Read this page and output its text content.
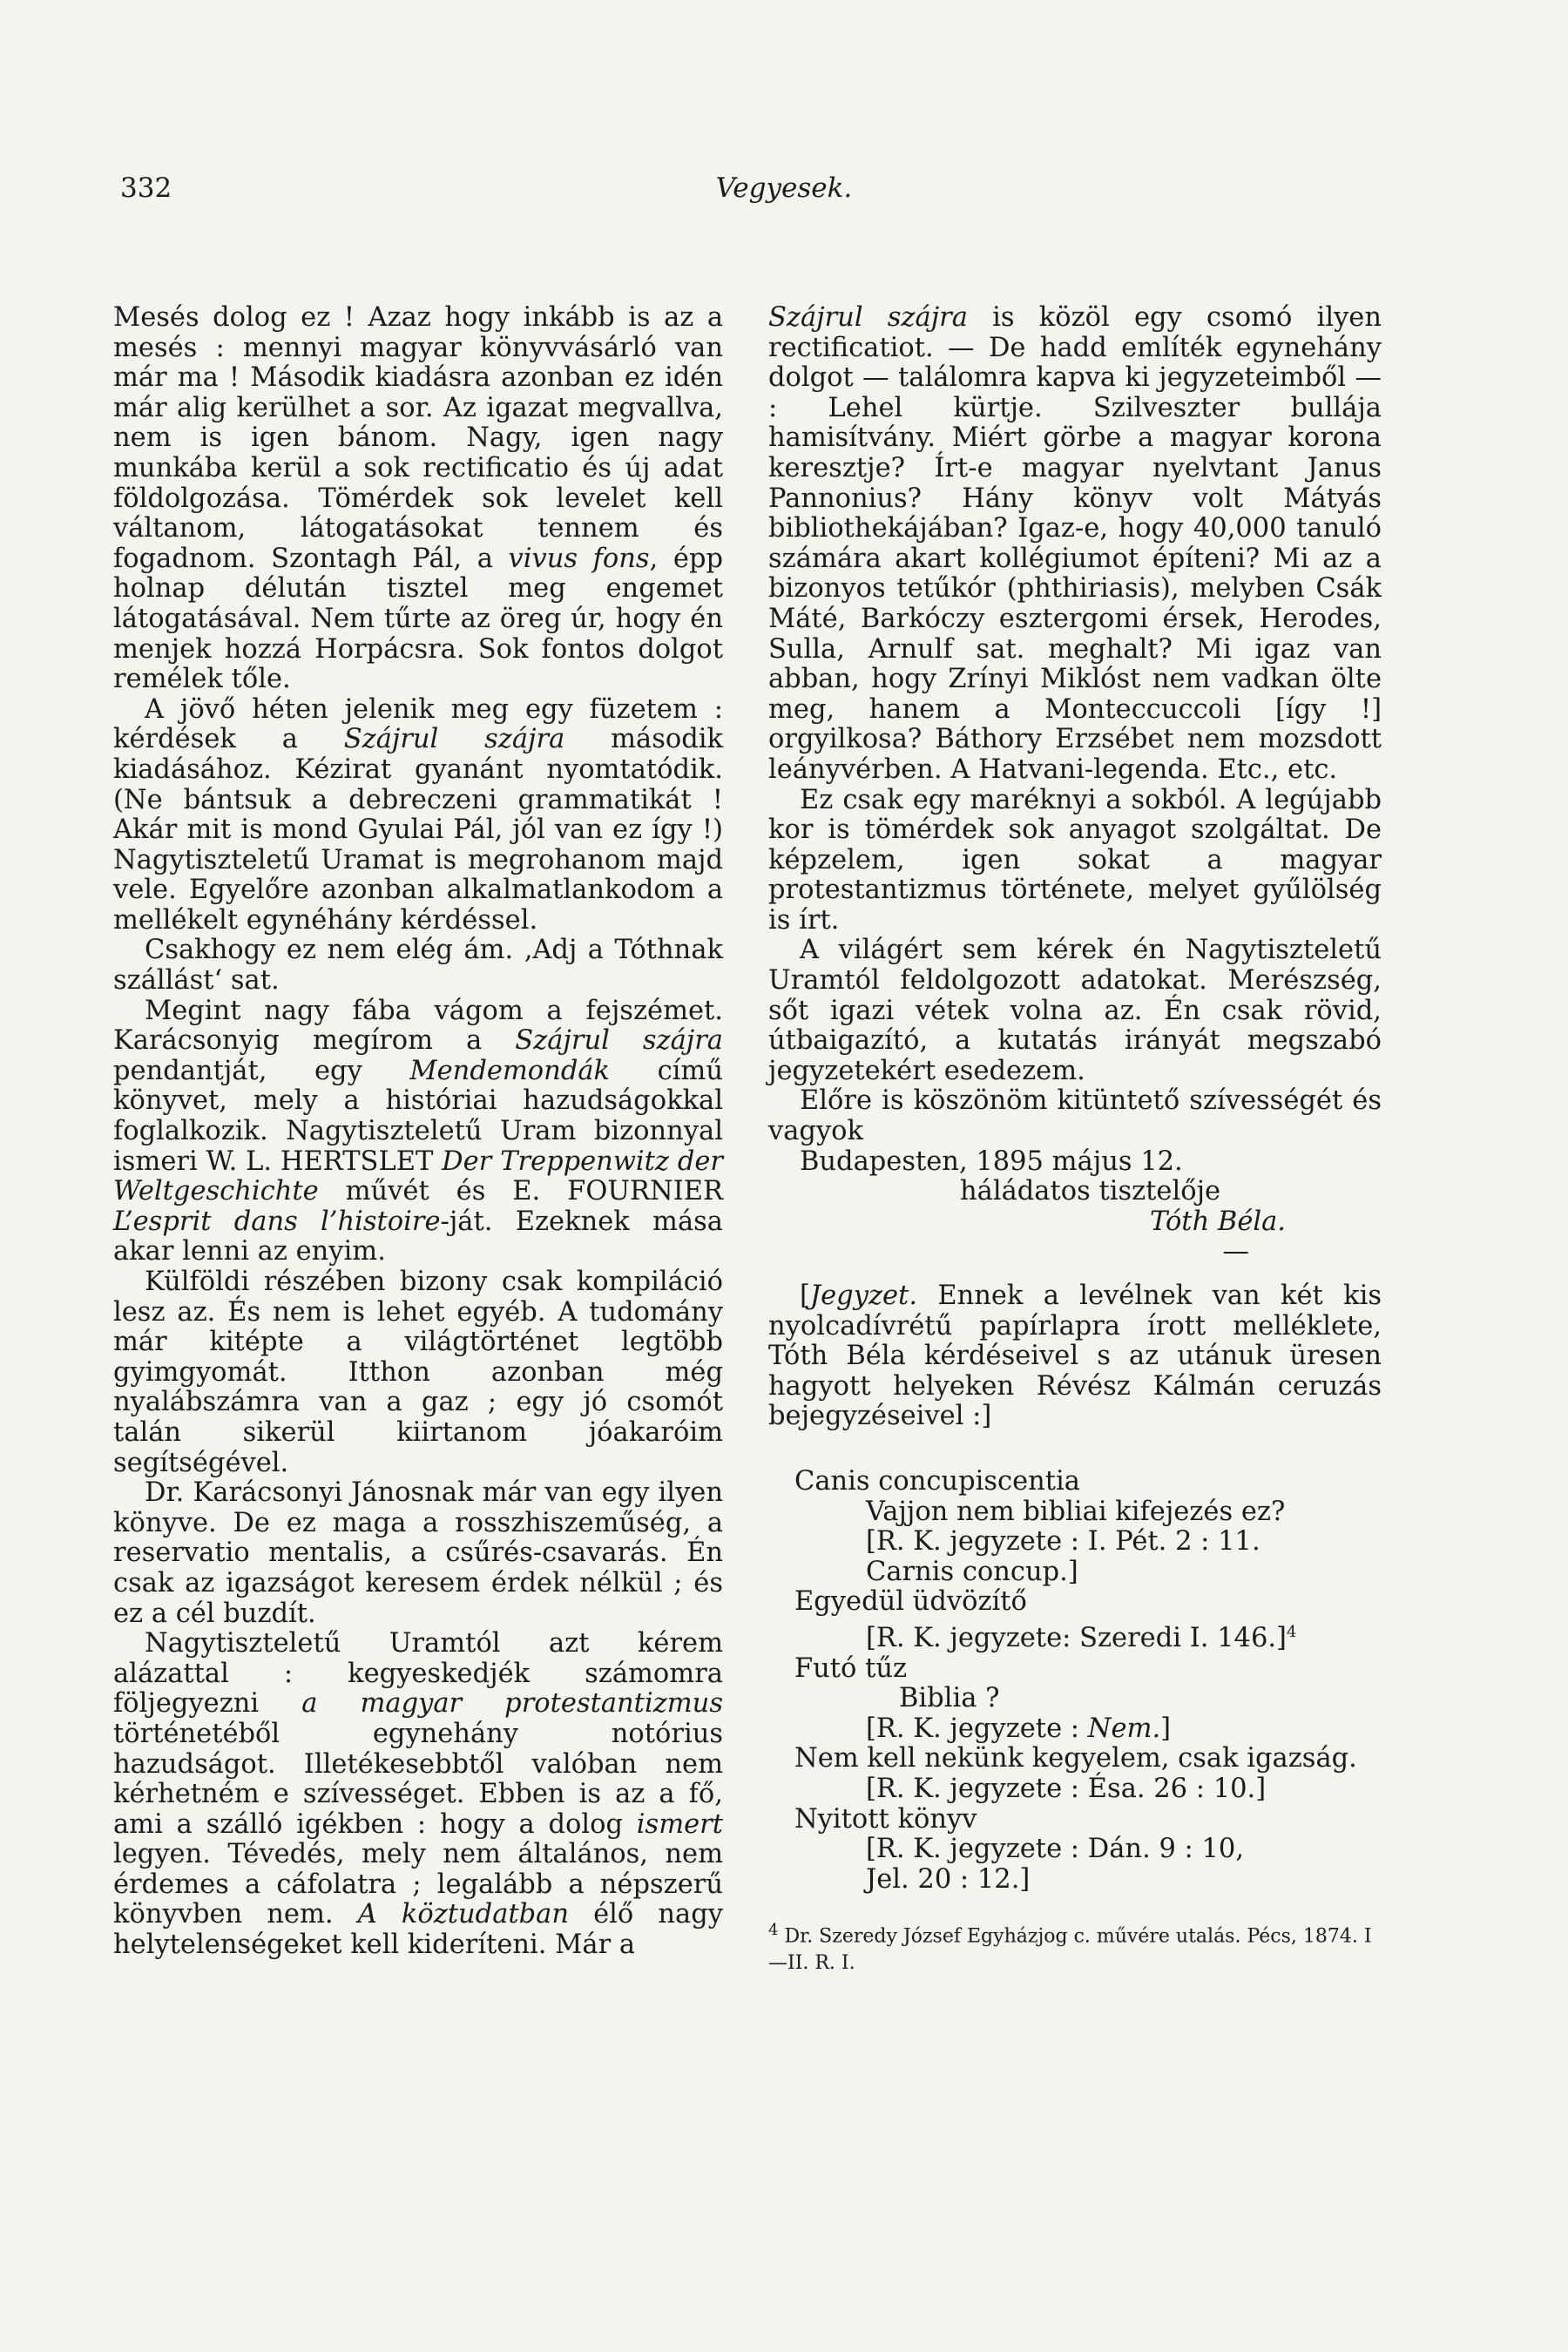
332	Vegyesek.

Mesés dolog ez ! Azaz hogy inkább is az a mesés : mennyi magyar könyvvásárló van már ma ! Második kiadásra azonban ez idén már alig kerülhet a sor. Az igazat megvallva, nem is igen bánom. Nagy, igen nagy munkába kerül a sok rectificatio és új adat földolgozása. Tömérdek sok levelet kell váltanom, látogatásokat tennem és fogadnom. Szontagh Pál, a vivus fons, épp holnap délután tisztel meg engemet látogatásával. Nem tűrte az öreg úr, hogy én menjek hozzá Horpácsra. Sok fontos dolgot remélek tőle.

A jövő héten jelenik meg egy füzetem : kérdések a Szájrul szájra második kiadásához. Kézirat gyanánt nyomtatódik. (Ne bántsuk a debreczeni grammatikát ! Akár mit is mond Gyulai Pál, jól van ez így !) Nagytiszteletű Uramat is megrohanom majd vele. Egyelőre azonban alkalmatlankodom a mellékelt egynéhány kérdéssel.

Csakhogy ez nem elég ám. ‚Adj a Tóthnak szállást‘ sat.

Megint nagy fába vágom a fejszémet. Karácsonyig megírom a Szájrul szájra pendantját, egy Mendemondák című könyvet, mely a históriai hazudságokkal foglalkozik. Nagytiszteletű Uram bizonnyal ismeri W. L. HERTSLET Der Treppenwitz der Weltgeschichte művét és E. FOURNIER L’esprit dans l’histoire-ját. Ezeknek mása akar lenni az enyim.

Külföldi részében bizony csak kompiláció lesz az. És nem is lehet egyéb. A tudomány már kitépte a világtörténet legtöbb gyimgyomát. Itthon azonban még nyalábszámra van a gaz ; egy jó csomót talán sikerül kiirtanom jóakaróim segítségével.

Dr. Karácsonyi Jánosnak már van egy ilyen könyve. De ez maga a rosszhiszeműség, a reservatio mentalis, a csűrés-csavarás. Én csak az igazságot keresem érdek nélkül ; és ez a cél buzdít.

Nagytiszteletű Uramtól azt kérem alázattal : kegyeskedjék számomra följegyezni a magyar protestantizmus történetéből egynehány notórius hazudságot. Illetékesebbtől valóban nem kérhetném e szívességet. Ebben is az a fő, ami a szálló igékben : hogy a dolog ismert legyen. Tévedés, mely nem általános, nem érdemes a cáfolatra ; legalább a népszerű könyvben nem. A köztudatban élő nagy helytelenségeket kell kideríteni. Már a

Szájrul szájra is közöl egy csomó ilyen rectificatiot. — De hadd említék egynehány dolgot — találomra kapva ki jegyzeteimből — : Lehel kürtje. Szilveszter bullája hamisítvány. Miért görbe a magyar korona keresztje? Írt-e magyar nyelvtant Janus Pannonius? Hány könyv volt Mátyás bibliothekájában? Igaz-e, hogy 40,000 tanuló számára akart kollégiumot építeni? Mi az a bizonyos tetűkór (phthiriasis), melyben Csák Máté, Barkóczy esztergomi érsek, Herodes, Sulla, Arnulf sat. meghalt? Mi igaz van abban, hogy Zrínyi Miklóst nem vadkan ölte meg, hanem a Monteccuccoli [így !] orgyilkosa? Báthory Erzsébet nem mozsdott leányvérben. A Hatvani-legenda. Etc., etc.

Ez csak egy maréknyi a sokból. A legújabb kor is tömérdek sok anyagot szolgáltat. De képzelem, igen sokat a magyar protestantizmus története, melyet gyűlölség is írt.

A világért sem kérek én Nagytiszteletű Uramtól feldolgozott adatokat. Merészség, sőt igazi vétek volna az. Én csak rövid, útbaigazító, a kutatás irányát megszabó jegyzetekért esedezem.

Előre is köszönöm kitüntető szívességét és vagyok

Budapesten, 1895 május 12.

háládatos tisztelője

Tóth Béla.

—

[Jegyzet. Ennek a levélnek van két kis nyolcadívrétű papírlapra írott melléklete, Tóth Béla kérdéseivel s az utánuk üresen hagyott helyeken Révész Kálmán ceruzás bejegyzéseivel :]

Canis concupiscentia
Vajjon nem bibliai kifejezés ez?
[R. K. jegyzete : I. Pét. 2 : 11.
Carnis concup.]
Egyedül üdvözítő
[R. K. jegyzete: Szeredi I. 146.]$^4$
Futó tűz
Biblia ?
[R. K. jegyzete : Nem.]
Nem kell nekünk kegyelem, csak igazság.
[R. K. jegyzete : Ésa. 26 : 10.]
Nyitott könyv
[R. K. jegyzete : Dán. 9 : 10,
Jel. 20 : 12.]
$^4$ Dr. Szeredy József Egyházjog c. művére utalás. Pécs, 1874. I—II. R. I.
